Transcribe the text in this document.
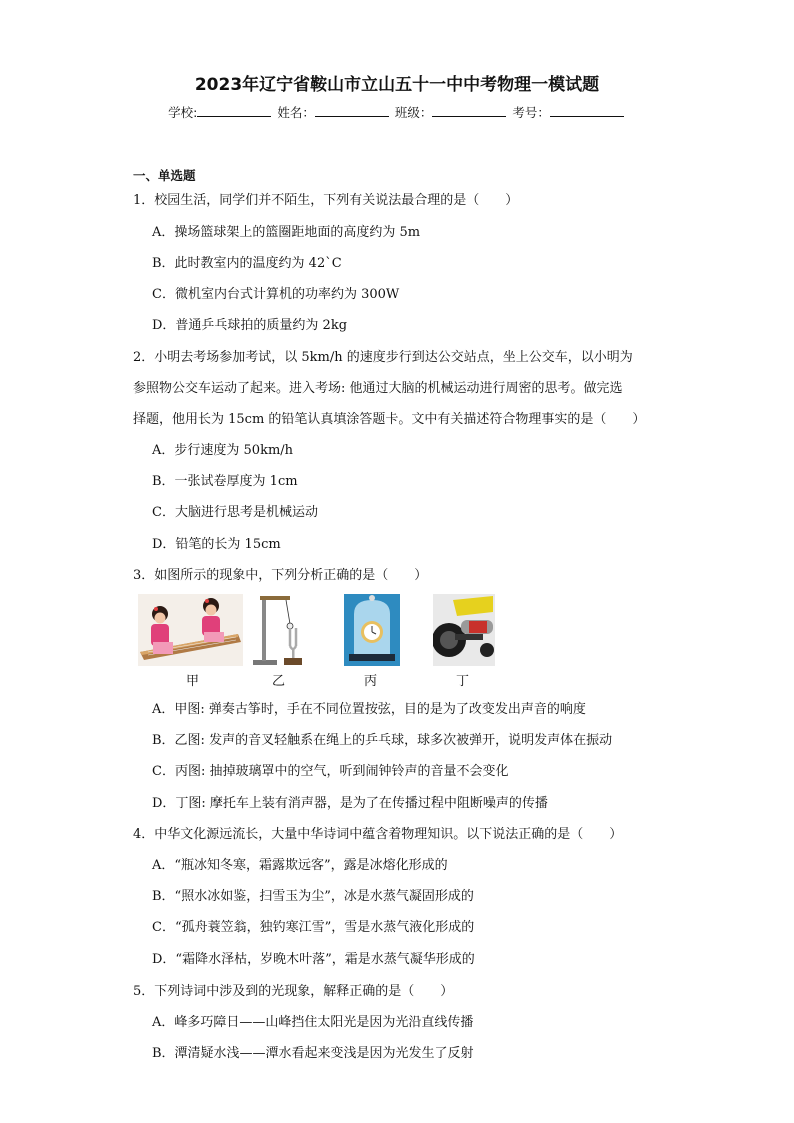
2023年辽宁省鞍山市立山五十一中中考物理一模试题
学校:	姓名：	班级：	考号：
一、单选题
1．校园生活，同学们并不陌生，下列有关说法最合理的是（　　）
A．操场篮球架上的篮圈距地面的高度约为 5m
B．此时教室内的温度约为 42`C
C．微机室内台式计算机的功率约为 300W
D．普通乒乓球拍的质量约为 2kg
2．小明去考场参加考试，以 5km/h 的速度步行到达公交站点，坐上公交车，以小明为
参照物公交车运动了起来。进入考场: 他通过大脑的机械运动进行周密的思考。做完选
择题，他用长为 15cm 的铅笔认真填涂答题卡。文中有关描述符合物理事实的是（　　）
A．步行速度为 50km/h
B．一张试卷厚度为 1cm
C．大脑进行思考是机械运动
D．铅笔的长为 15cm
3．如图所示的现象中，下列分析正确的是（　　）
甲	乙	丙	丁
A．甲图: 弹奏古筝时，手在不同位置按弦，目的是为了改变发出声音的响度
B．乙图: 发声的音叉轻触系在绳上的乒乓球，球多次被弹开，说明发声体在振动
C．丙图: 抽掉玻璃罩中的空气，听到闹钟铃声的音量不会变化
D．丁图: 摩托车上装有消声器，是为了在传播过程中阻断噪声的传播
4．中华文化源远流长，大量中华诗词中蕴含着物理知识。以下说法正确的是（　　）
A．“瓶冰知冬寒，霜露欺远客”，露是冰熔化形成的
B．“照水冰如鉴，扫雪玉为尘”，冰是水蒸气凝固形成的
C．“孤舟蓑笠翁，独钓寒江雪”，雪是水蒸气液化形成的
D．“霜降水泽枯，岁晚木叶落”，霜是水蒸气凝华形成的
5．下列诗词中涉及到的光现象，解释正确的是（　　）
A．峰多巧障日——山峰挡住太阳光是因为光沿直线传播
B．潭清疑水浅——潭水看起来变浅是因为光发生了反射
